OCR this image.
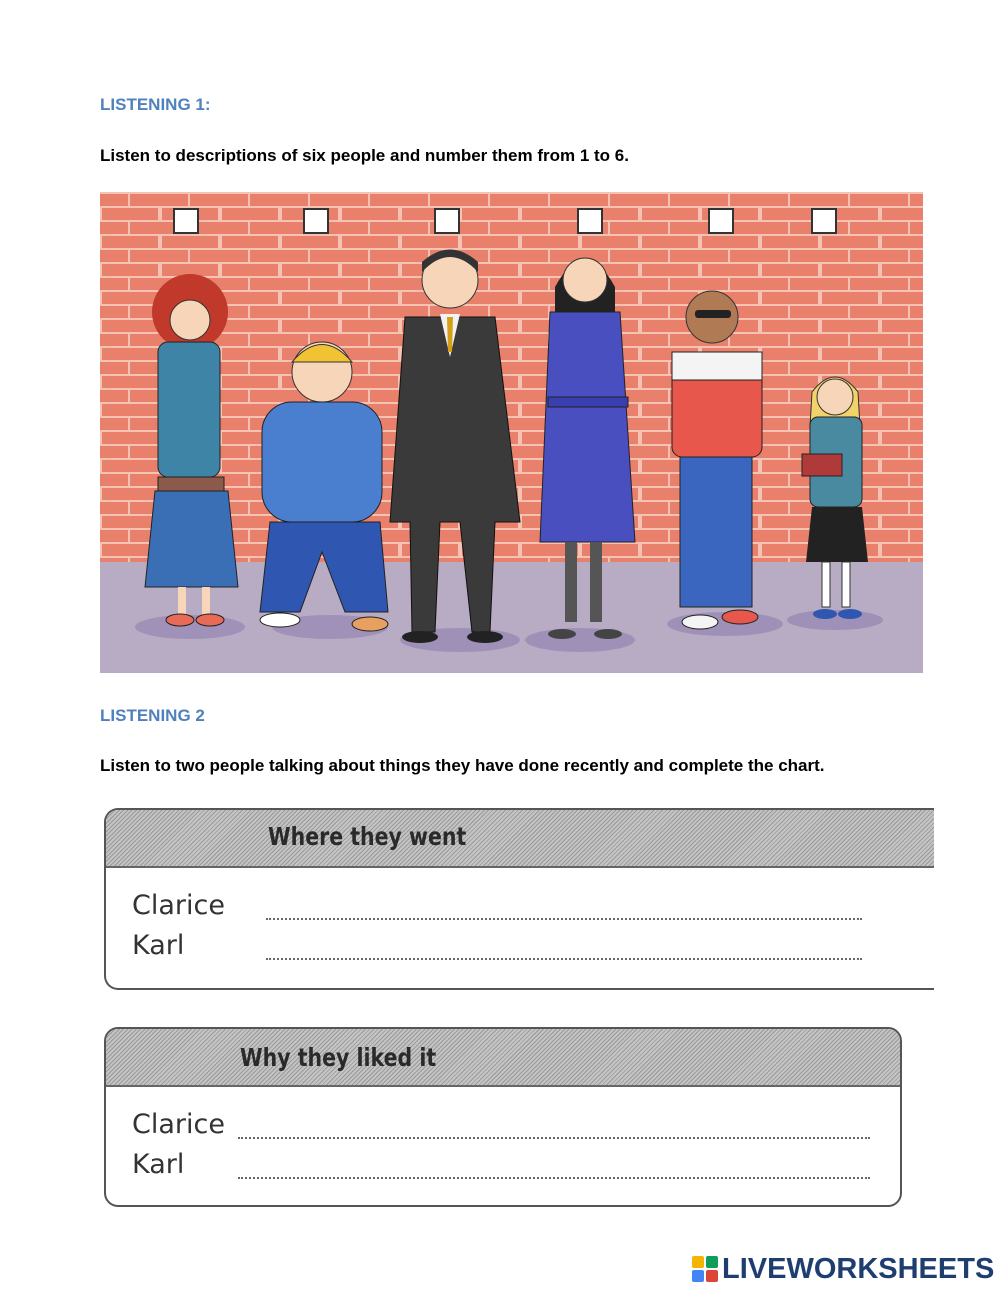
LISTENING 1:
Listen to descriptions of six people and number them from 1 to 6.
LISTENING 2
Listen to two people talking about things they have done recently and complete the chart.
Where they went
Clarice
Karl
Why they liked it
Clarice
Karl
LIVEWORKSHEETS
